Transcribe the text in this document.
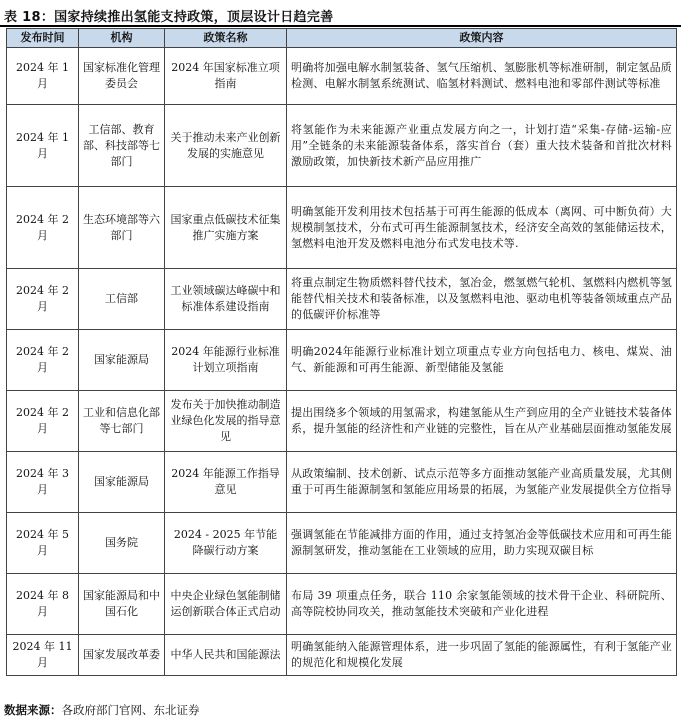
表 18：国家持续推出氢能支持政策，顶层设计日趋完善
发布时间	机构	政策名称	政策内容
2024 年 1 月	国家标准化管理委员会	2024 年国家标准立项指南	明确将加强电解水制氢装备、氢气压缩机、氢膨胀机等标准研制，制定氢品质检测、电解水制氢系统测试、临氢材料测试、燃料电池和零部件测试等标准
2024 年 1 月	工信部、教育部、科技部等七部门	关于推动未来产业创新发展的实施意见	将氢能作为未来能源产业重点发展方向之一，计划打造“采集-存储-运输-应用”全链条的未来能源装备体系，落实首台（套）重大技术装备和首批次材料激励政策，加快新技术新产品应用推广
2024 年 2 月	生态环境部等六部门	国家重点低碳技术征集推广实施方案	明确氢能开发利用技术包括基于可再生能源的低成本（离网、可中断负荷）大规模制氢技术，分布式可再生能源制氢技术，经济安全高效的氢能储运技术，氢燃料电池开发及燃料电池分布式发电技术等.
2024 年 2 月	工信部	工业领域碳达峰碳中和标准体系建设指南	将重点制定生物质燃料替代技术，氢冶金，燃氢燃气轮机、氢燃料内燃机等氢能替代相关技术和装备标准，以及氢燃料电池、驱动电机等装备领域重点产品的低碳评价标准等
2024 年 2 月	国家能源局	2024 年能源行业标准计划立项指南	明确2024年能源行业标准计划立项重点专业方向包括电力、核电、煤炭、油气、新能源和可再生能源、新型储能及氢能
2024 年 2 月	工业和信息化部等七部门	发布关于加快推动制造业绿色化发展的指导意见	提出围绕多个领域的用氢需求，构建氢能从生产到应用的全产业链技术装备体系，提升氢能的经济性和产业链的完整性，旨在从产业基础层面推动氢能发展
2024 年 3 月	国家能源局	2024 年能源工作指导意见	从政策编制、技术创新、试点示范等多方面推动氢能产业高质量发展，尤其侧重于可再生能源制氢和氢能应用场景的拓展，为氢能产业发展提供全方位指导
2024 年 5 月	国务院	2024 - 2025 年节能降碳行动方案	强调氢能在节能减排方面的作用，通过支持氢冶金等低碳技术应用和可再生能源制氢研发，推动氢能在工业领域的应用，助力实现双碳目标
2024 年 8 月	国家能源局和中国石化	中央企业绿色氢能制储运创新联合体正式启动	布局 39 项重点任务，联合 110 余家氢能领域的技术骨干企业、科研院所、高等院校协同攻关，推动氢能技术突破和产业化进程
2024 年 11 月	国家发展改革委	中华人民共和国能源法	明确氢能纳入能源管理体系，进一步巩固了氢能的能源属性，有利于氢能产业的规范化和规模化发展
数据来源：各政府部门官网、东北证券
